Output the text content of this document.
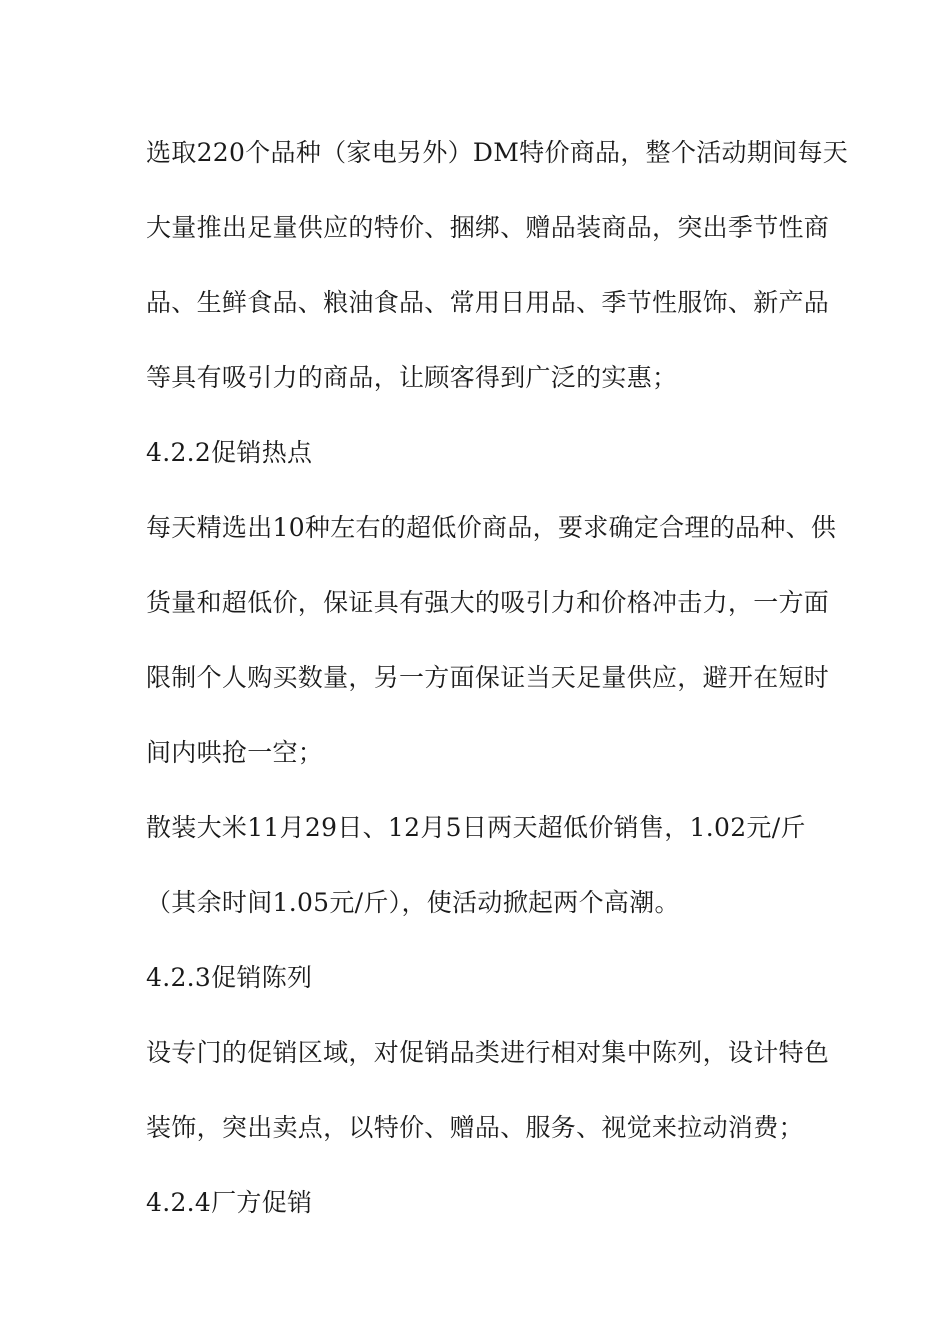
选取220个品种（家电另外）DM特价商品，整个活动期间每天
大量推出足量供应的特价、捆绑、赠品装商品，突出季节性商
品、生鲜食品、粮油食品、常用日用品、季节性服饰、新产品
等具有吸引力的商品，让顾客得到广泛的实惠；
4.2.2促销热点
每天精选出10种左右的超低价商品，要求确定合理的品种、供
货量和超低价，保证具有强大的吸引力和价格冲击力，一方面
限制个人购买数量，另一方面保证当天足量供应，避开在短时
间内哄抢一空；
散装大米11月29日、12月5日两天超低价销售，1.02元/斤
（其余时间1.05元/斤），使活动掀起两个高潮。
4.2.3促销陈列
设专门的促销区域，对促销品类进行相对集中陈列，设计特色
装饰，突出卖点，以特价、赠品、服务、视觉来拉动消费；
4.2.4厂方促销
